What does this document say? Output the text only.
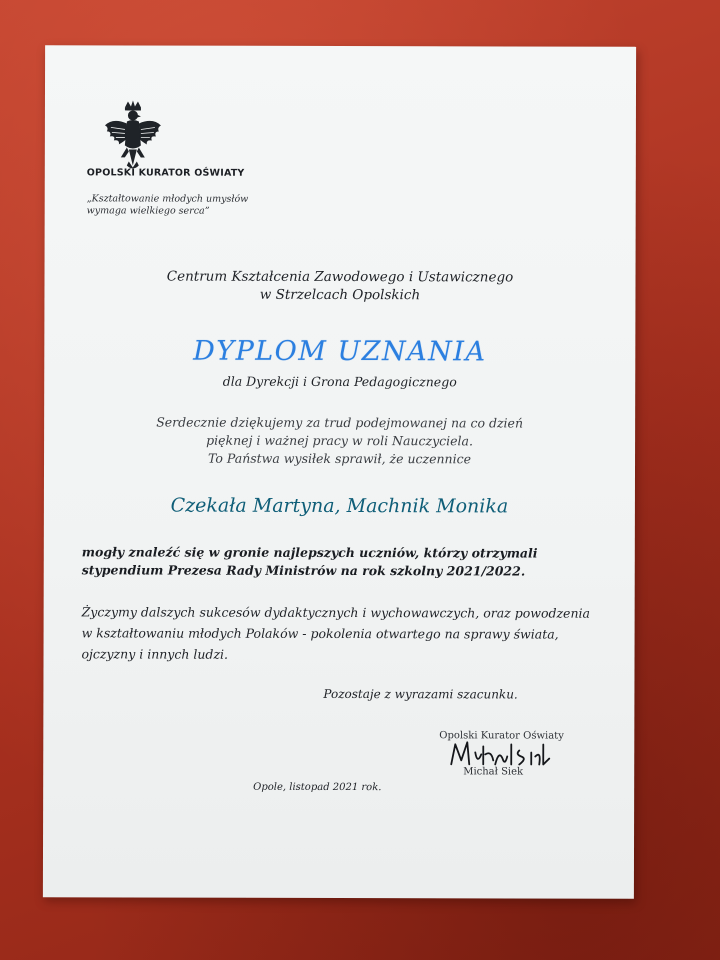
OPOLSKI KURATOR OŚWIATY

„Kształtowanie młodych umysłów
wymaga wielkiego serca”

Centrum Kształcenia Zawodowego i Ustawicznego
w Strzelcach Opolskich
DYPLOM UZNANIA
dla Dyrekcji i Grona Pedagogicznego
Serdecznie dziękujemy za trud podejmowanej na co dzień
pięknej i ważnej pracy w roli Nauczyciela.
To Państwa wysiłek sprawił, że uczennice
Czekała Martyna, Machnik Monika
mogły znaleźć się w gronie najlepszych uczniów, którzy otrzymali
stypendium Prezesa Rady Ministrów na rok szkolny 2021/2022.
Życzymy dalszych sukcesów dydaktycznych i wychowawczych, oraz powodzenia
w kształtowaniu młodych Polaków - pokolenia otwartego na sprawy świata,
ojczyzny i innych ludzi.
Pozostaje z wyrazami szacunku.
Opolski Kurator Oświaty
Michał Siek
Opole, listopad 2021 rok.
